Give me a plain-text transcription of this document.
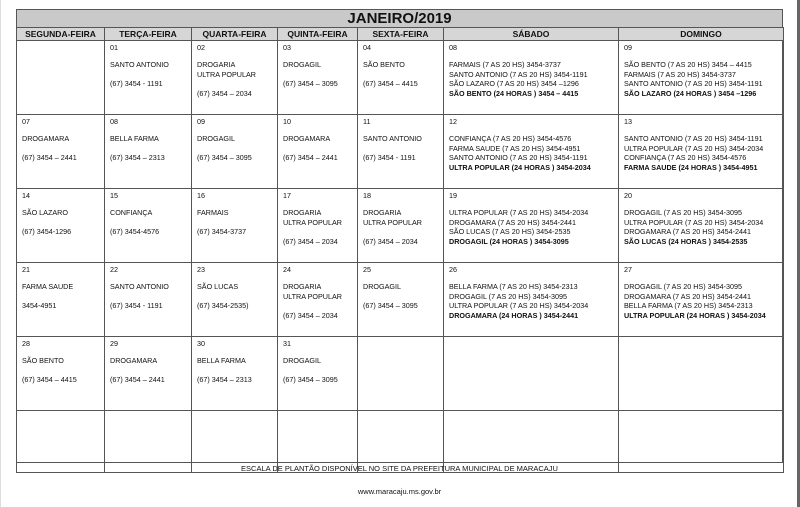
JANEIRO/2019
SEGUNDA-FEIRA	TERÇA-FEIRA	QUARTA-FEIRA	QUINTA-FEIRA	SEXTA-FEIRA	SÁBADO	DOMINGO

	01
SANTO ANTONIO
(67) 3454 - 1191	02
DROGARIA
ULTRA POPULAR
(67) 3454 – 2034	03
DROGAGIL
(67) 3454 – 3095	04
SÃO BENTO
(67) 3454 – 4415	08
FARMAIS (7 AS 20 HS) 3454-3737
SANTO ANTONIO (7 AS 20 HS) 3454-1191
SÃO LAZARO (7 AS 20 HS) 3454 –1296
SÃO BENTO (24 HORAS ) 3454 – 4415	09
SÃO BENTO (7 AS 20 HS) 3454 – 4415
FARMAIS (7 AS 20 HS) 3454-3737
SANTO ANTONIO (7 AS 20 HS) 3454-1191
SÃO LAZARO (24 HORAS ) 3454 –1296

07
DROGAMARA
(67) 3454 – 2441	08
BELLA FARMA
(67) 3454 – 2313	09
DROGAGIL
(67) 3454 – 3095	10
DROGAMARA
(67) 3454 – 2441	11
SANTO ANTONIO
(67) 3454 - 1191	12
CONFIANÇA (7 AS 20 HS) 3454-4576
FARMA SAUDE (7 AS 20 HS) 3454-4951
SANTO ANTONIO (7 AS 20 HS) 3454-1191
ULTRA POPULAR (24 HORAS ) 3454-2034	13
SANTO ANTONIO (7 AS 20 HS) 3454-1191
ULTRA POPULAR (7 AS 20 HS) 3454-2034
CONFIANÇA (7 AS 20 HS) 3454-4576
FARMA SAUDE (24 HORAS ) 3454-4951

14
SÃO LAZARO
(67) 3454-1296	15
CONFIANÇA
(67) 3454-4576	16
FARMAIS
(67) 3454-3737	17
DROGARIA
ULTRA POPULAR
(67) 3454 – 2034	18
DROGARIA
ULTRA POPULAR
(67) 3454 – 2034	19
ULTRA POPULAR (7 AS 20 HS) 3454-2034
DROGAMARA (7 AS 20 HS) 3454-2441
SÃO LUCAS (7 AS 20 HS) 3454-2535
DROGAGIL (24 HORAS ) 3454-3095	20
DROGAGIL (7 AS 20 HS) 3454-3095
ULTRA POPULAR (7 AS 20 HS) 3454-2034
DROGAMARA (7 AS 20 HS) 3454-2441
SÃO LUCAS (24 HORAS ) 3454-2535

21
FARMA SAUDE
3454-4951	22
SANTO ANTONIO
(67) 3454 - 1191	23
SÃO LUCAS
(67) 3454-2535)	24
DROGARIA
ULTRA POPULAR
(67) 3454 – 2034	25
DROGAGIL
(67) 3454 – 3095	26
BELLA FARMA (7 AS 20 HS) 3454-2313
DROGAGIL (7 AS 20 HS) 3454-3095
ULTRA POPULAR (7 AS 20 HS) 3454-2034
DROGAMARA (24 HORAS ) 3454-2441	27
DROGAGIL (7 AS 20 HS) 3454-3095
DROGAMARA (7 AS 20 HS) 3454-2441
BELLA FARMA (7 AS 20 HS) 3454-2313
ULTRA POPULAR (24 HORAS ) 3454-2034

28
SÃO BENTO
(67) 3454 – 4415	29
DROGAMARA
(67) 3454 – 2441	30
BELLA FARMA
(67) 3454 – 2313	31
DROGAGIL
(67) 3454 – 3095			

ESCALA DE PLANTÃO DISPONÍVEL NO SITE DA PREFEITURA MUNICIPAL DE MARACAJU
www.maracaju.ms.gov.br
